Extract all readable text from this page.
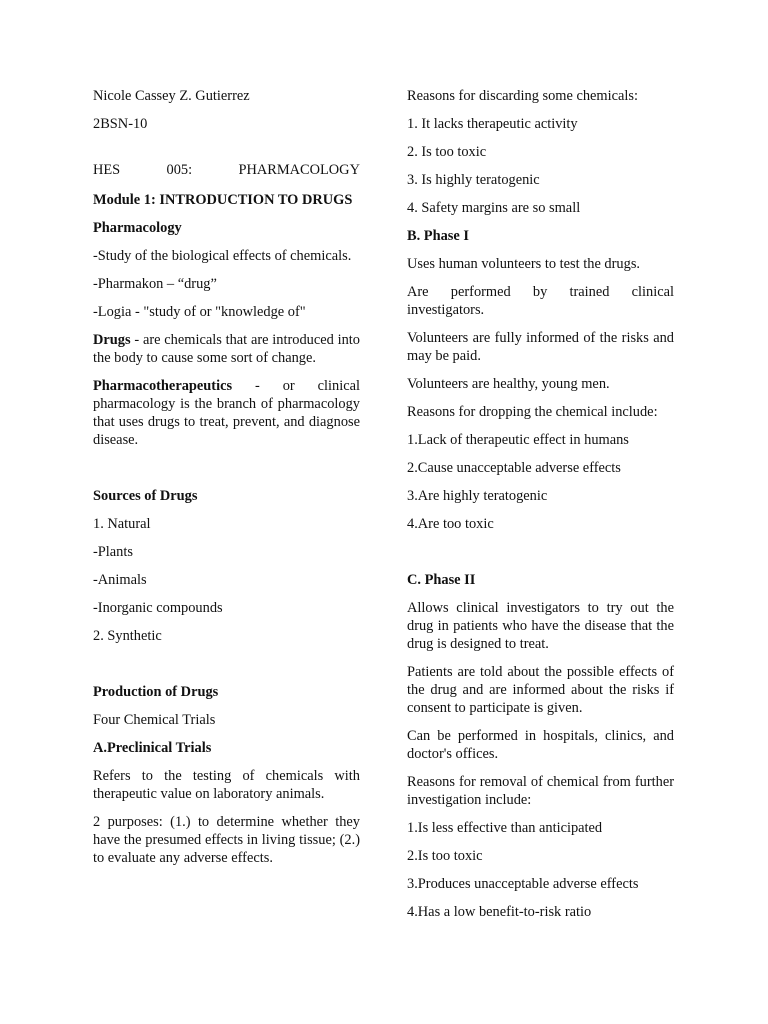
Nicole Cassey Z. Gutierrez

2BSN-10

HES	005:	PHARMACOLOGY

Module 1: INTRODUCTION TO DRUGS

Pharmacology

-Study of the biological effects of chemicals.

-Pharmakon – “drug”

-Logia - "study of or "knowledge of"

Drugs - are chemicals that are introduced into the body to cause some sort of change.

Pharmacotherapeutics - or clinical pharmacology is the branch of pharmacology that uses drugs to treat, prevent, and diagnose disease.

Sources of Drugs

1. Natural

-Plants

-Animals

-Inorganic compounds

2. Synthetic

Production of Drugs

Four Chemical Trials

A.Preclinical Trials

Refers to the testing of chemicals with therapeutic value on laboratory animals.

2 purposes: (1.) to determine whether they have the presumed effects in living tissue; (2.) to evaluate any adverse effects.

Reasons for discarding some chemicals:

1. It lacks therapeutic activity

2. Is too toxic

3. Is highly teratogenic

4. Safety margins are so small

B. Phase I

Uses human volunteers to test the drugs.

Are performed by trained clinical investigators.

Volunteers are fully informed of the risks and may be paid.

Volunteers are healthy, young men.

Reasons for dropping the chemical include:

1.Lack of therapeutic effect in humans

2.Cause unacceptable adverse effects

3.Are highly teratogenic

4.Are too toxic

C. Phase II

Allows clinical investigators to try out the drug in patients who have the disease that the drug is designed to treat.

Patients are told about the possible effects of the drug and are informed about the risks if consent to participate is given.

Can be performed in hospitals, clinics, and doctor's offices.

Reasons for removal of chemical from further investigation include:

1.Is less effective than anticipated

2.Is too toxic

3.Produces unacceptable adverse effects

4.Has a low benefit-to-risk ratio
